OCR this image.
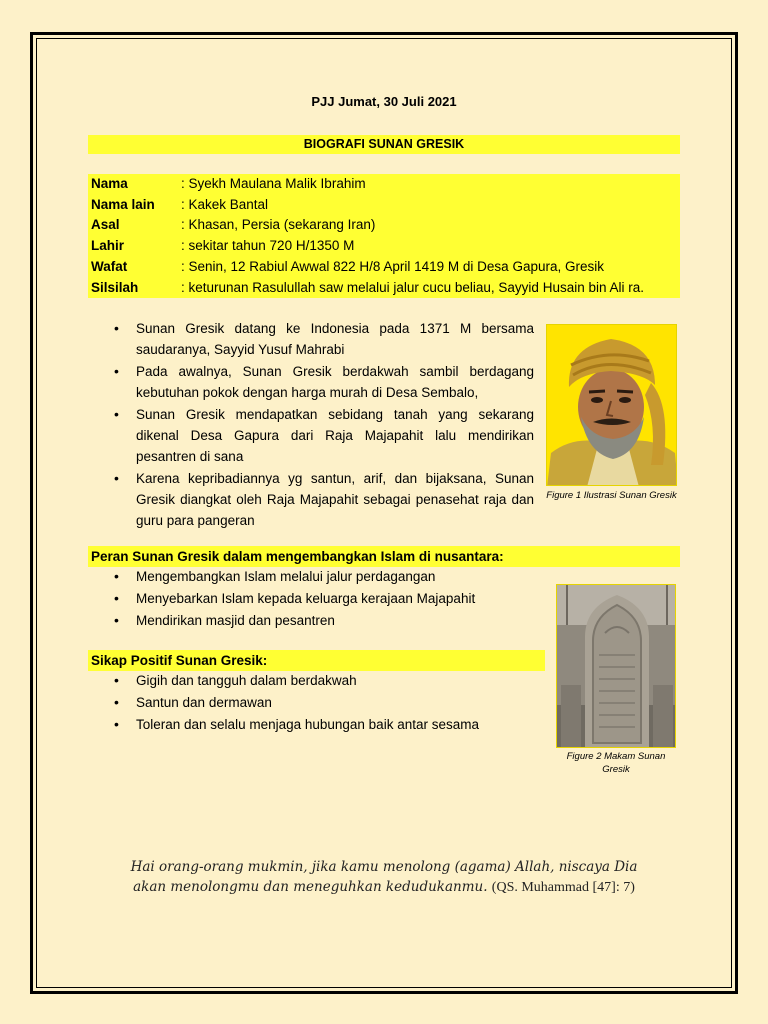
PJJ Jumat, 30 Juli 2021
BIOGRAFI SUNAN GRESIK
Nama	: Syekh Maulana Malik Ibrahim
Nama lain	: Kakek Bantal
Asal	: Khasan, Persia (sekarang Iran)
Lahir	: sekitar tahun 720 H/1350 M
Wafat	: Senin, 12 Rabiul Awwal 822 H/8 April 1419 M di Desa Gapura, Gresik
Silsilah	: keturunan Rasulullah saw melalui jalur cucu beliau, Sayyid Husain bin Ali ra.
• Sunan Gresik datang ke Indonesia pada 1371 M bersama saudaranya, Sayyid Yusuf Mahrabi
• Pada awalnya, Sunan Gresik berdakwah sambil berdagang kebutuhan pokok dengan harga murah di Desa Sembalo,
• Sunan Gresik mendapatkan sebidang tanah yang sekarang dikenal Desa Gapura dari Raja Majapahit lalu mendirikan pesantren di sana
• Karena kepribadiannya yg santun, arif, dan bijaksana, Sunan Gresik diangkat oleh Raja Majapahit sebagai penasehat raja dan guru para pangeran
Figure 1 Ilustrasi Sunan Gresik
Peran Sunan Gresik dalam mengembangkan Islam di nusantara:
• Mengembangkan Islam melalui jalur perdagangan
• Menyebarkan Islam kepada keluarga kerajaan Majapahit
• Mendirikan masjid dan pesantren
Sikap Positif Sunan Gresik:
• Gigih dan tangguh dalam berdakwah
• Santun dan dermawan
• Toleran dan selalu menjaga hubungan baik antar sesama
Figure 2 Makam Sunan Gresik
Hai orang-orang mukmin, jika kamu menolong (agama) Allah, niscaya Dia
akan menolongmu dan meneguhkan kedudukanmu. (QS. Muhammad [47]: 7)
